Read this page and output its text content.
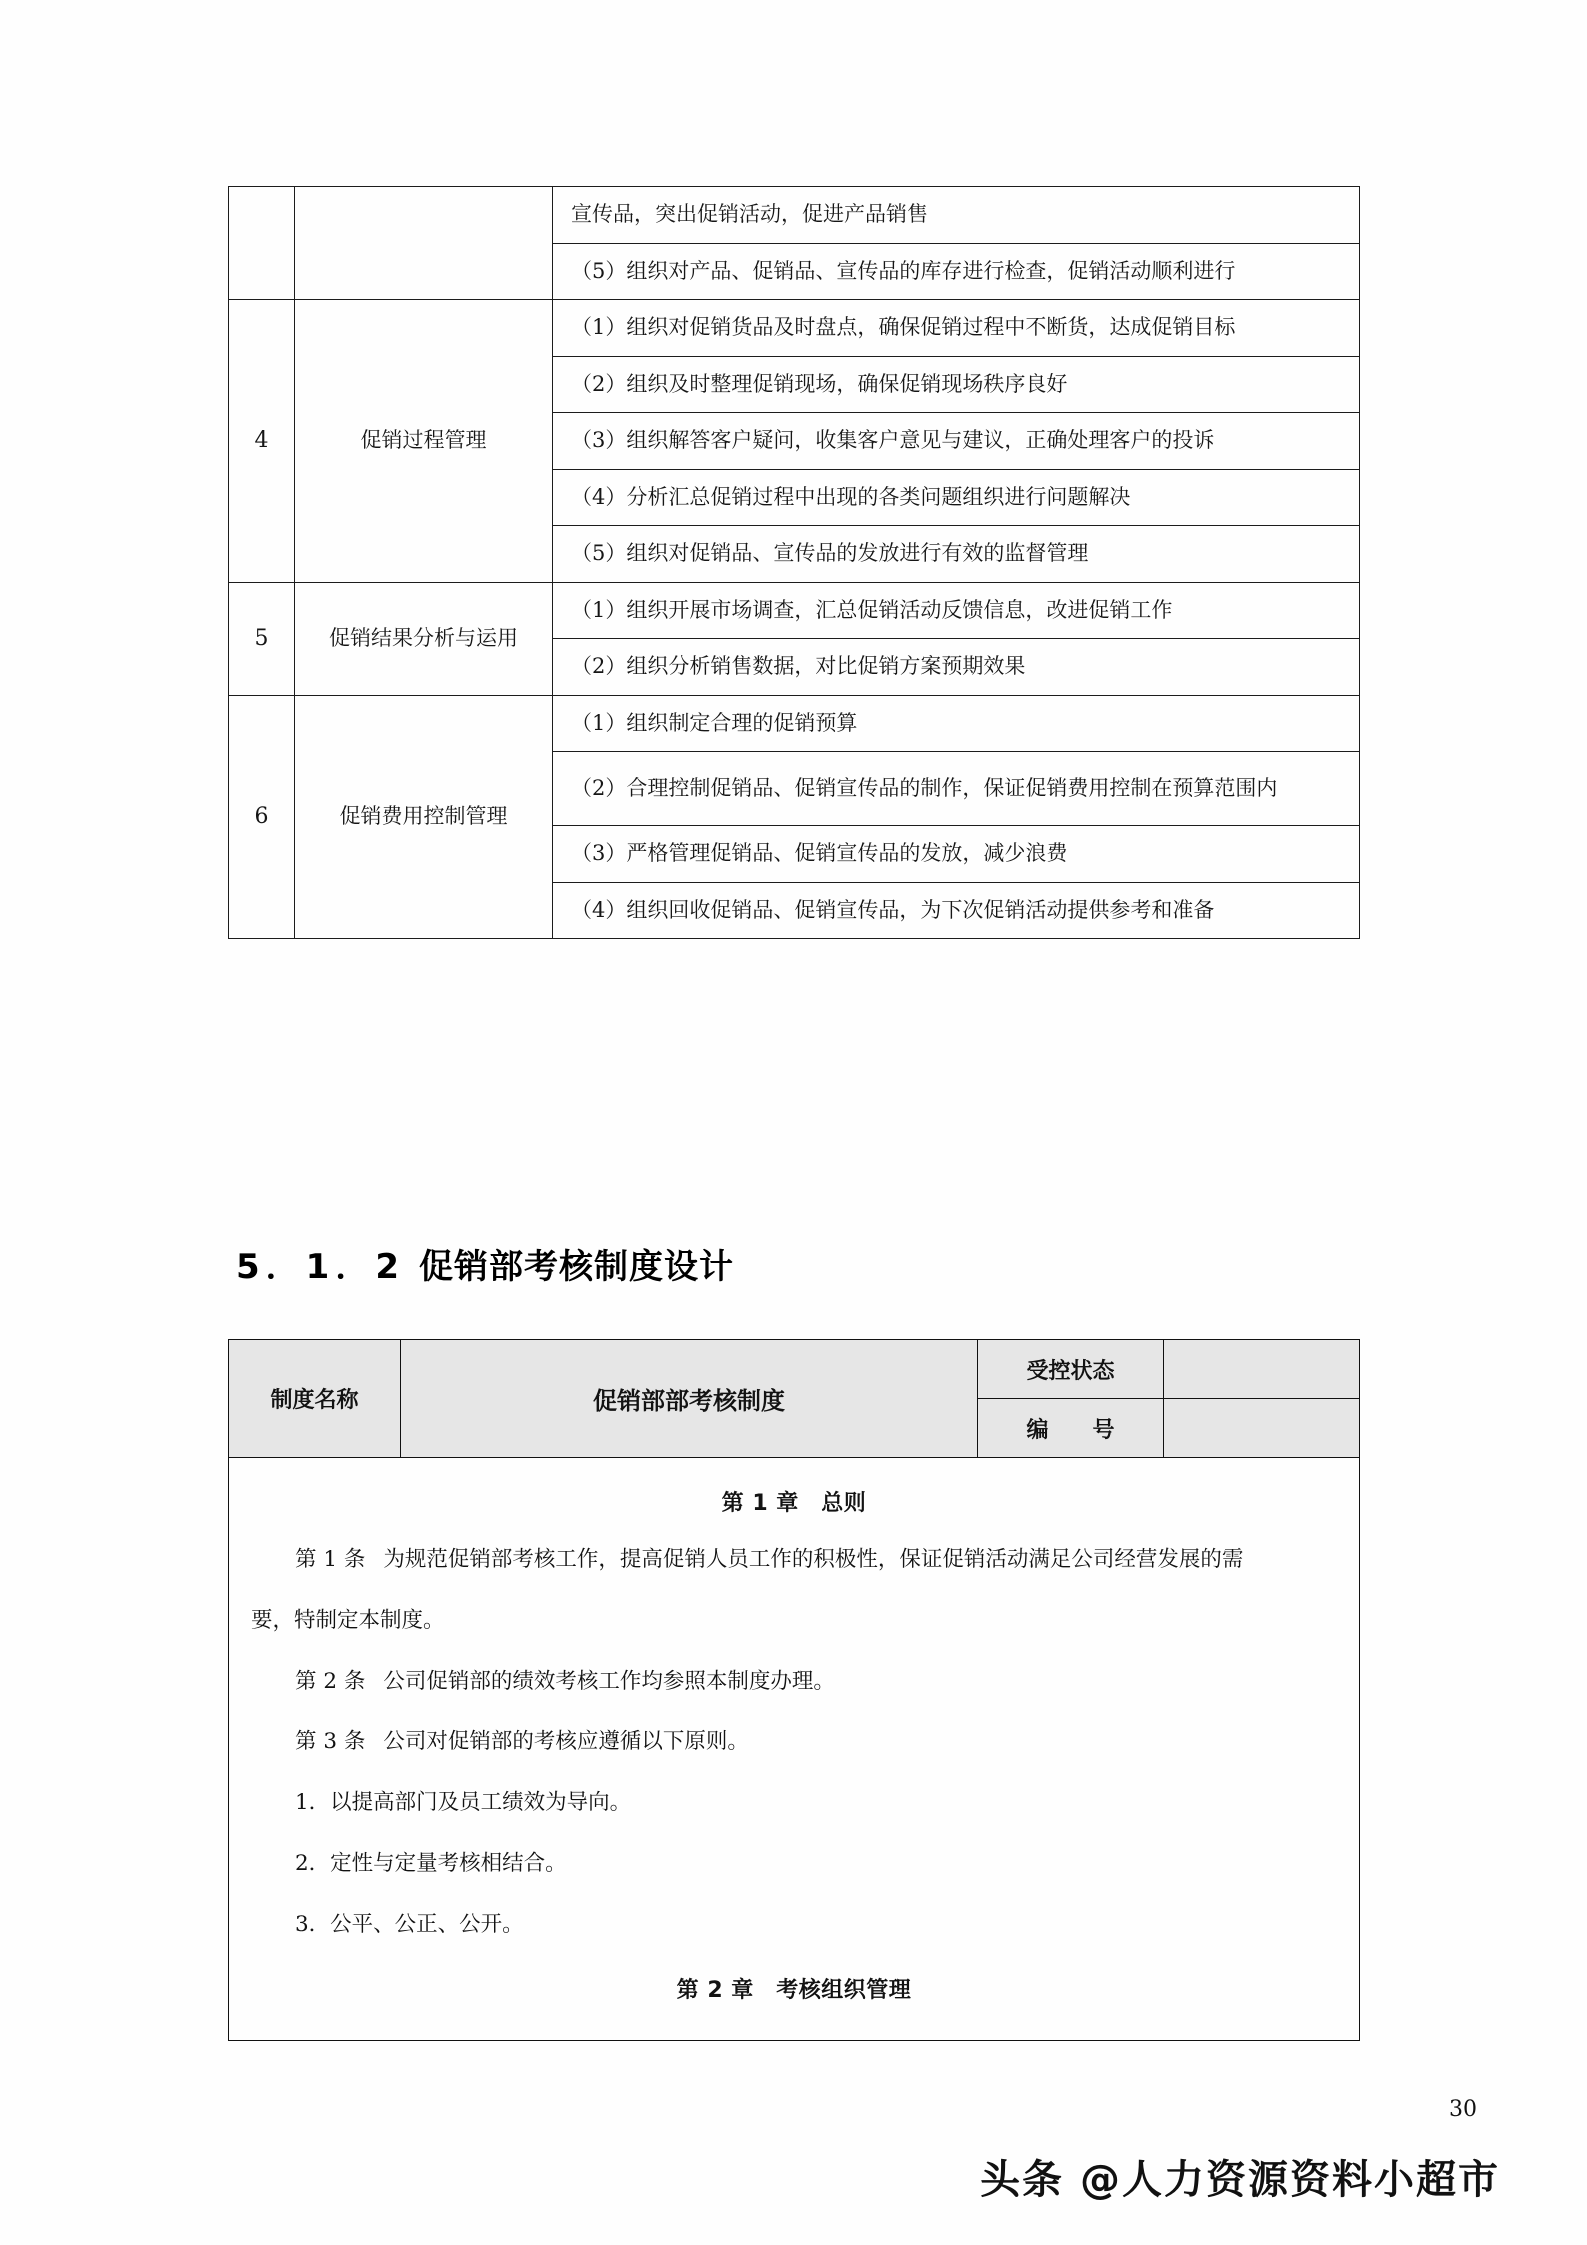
		宣传品，突出促销活动，促进产品销售
		（5）组织对产品、促销品、宣传品的库存进行检查，促销活动顺利进行
4	促销过程管理	（1）组织对促销货品及时盘点，确保促销过程中不断货，达成促销目标
		（2）组织及时整理促销现场，确保促销现场秩序良好
		（3）组织解答客户疑问，收集客户意见与建议，正确处理客户的投诉
		（4）分析汇总促销过程中出现的各类问题组织进行问题解决
		（5）组织对促销品、宣传品的发放进行有效的监督管理
5	促销结果分析与运用	（1）组织开展市场调查，汇总促销活动反馈信息，改进促销工作
		（2）组织分析销售数据，对比促销方案预期效果
6	促销费用控制管理	（1）组织制定合理的促销预算

		（2）合理控制促销品、促销宣传品的制作，保证促销费用控制在预算范围内

		（3）严格管理促销品、促销宣传品的发放，减少浪费
		（4）组织回收促销品、促销宣传品，为下次促销活动提供参考和准备
5．1．2 促销部考核制度设计
制度名称	促销部部考核制度	受控状态	
		编　　号	

第 1 章　总则

第 1 条 为规范促销部考核工作，提高促销人员工作的积极性，保证促销活动满足公司经营发展的需

要，特制定本制度。

第 2 条 公司促销部的绩效考核工作均参照本制度办理。

第 3 条 公司对促销部的考核应遵循以下原则。

1．以提高部门及员工绩效为导向。
2．定性与定量考核相结合。
3．公平、公正、公开。
第 2 章　考核组织管理
30
头条 @人力资源资料小超市
